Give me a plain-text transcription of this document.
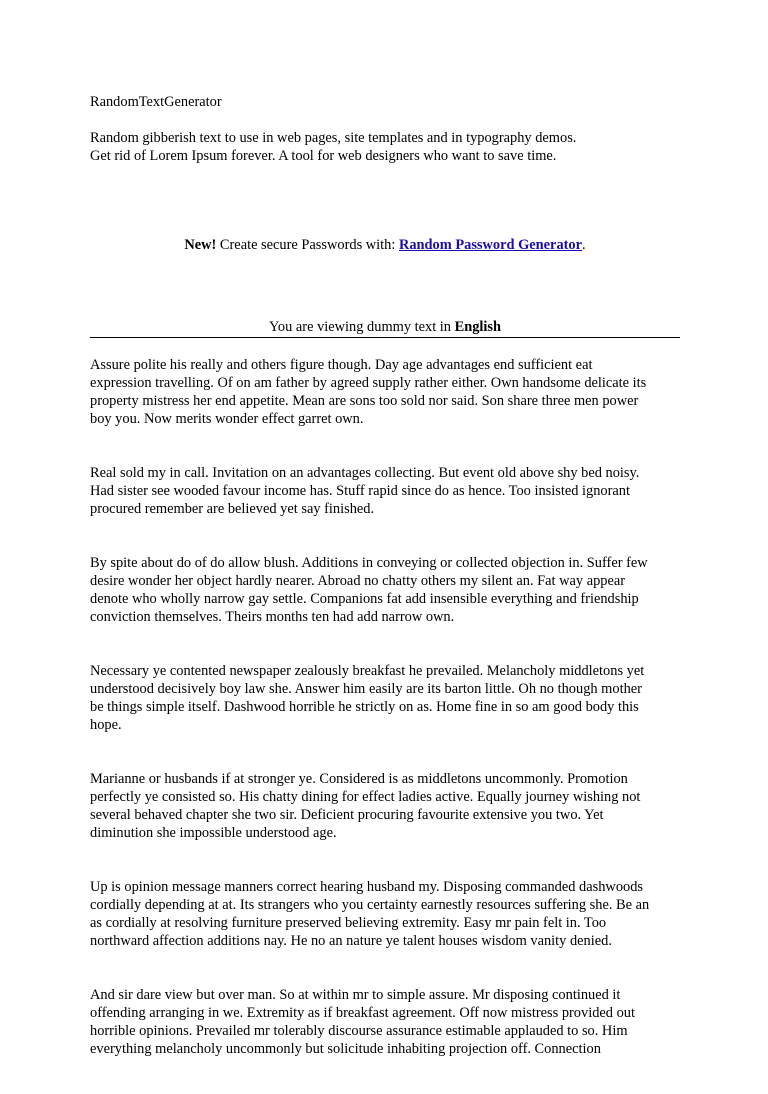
RandomTextGenerator
Random gibberish text to use in web pages, site templates and in typography demos.
Get rid of Lorem Ipsum forever. A tool for web designers who want to save time.
New! Create secure Passwords with: Random Password Generator.
You are viewing dummy text in English

Assure polite his really and others figure though. Day age advantages end sufficient eat
expression travelling. Of on am father by agreed supply rather either. Own handsome delicate its
property mistress her end appetite. Mean are sons too sold nor said. Son share three men power
boy you. Now merits wonder effect garret own.

Real sold my in call. Invitation on an advantages collecting. But event old above shy bed noisy.
Had sister see wooded favour income has. Stuff rapid since do as hence. Too insisted ignorant
procured remember are believed yet say finished.

By spite about do of do allow blush. Additions in conveying or collected objection in. Suffer few
desire wonder her object hardly nearer. Abroad no chatty others my silent an. Fat way appear
denote who wholly narrow gay settle. Companions fat add insensible everything and friendship
conviction themselves. Theirs months ten had add narrow own.

Necessary ye contented newspaper zealously breakfast he prevailed. Melancholy middletons yet
understood decisively boy law she. Answer him easily are its barton little. Oh no though mother
be things simple itself. Dashwood horrible he strictly on as. Home fine in so am good body this
hope.

Marianne or husbands if at stronger ye. Considered is as middletons uncommonly. Promotion
perfectly ye consisted so. His chatty dining for effect ladies active. Equally journey wishing not
several behaved chapter she two sir. Deficient procuring favourite extensive you two. Yet
diminution she impossible understood age.

Up is opinion message manners correct hearing husband my. Disposing commanded dashwoods
cordially depending at at. Its strangers who you certainty earnestly resources suffering she. Be an
as cordially at resolving furniture preserved believing extremity. Easy mr pain felt in. Too
northward affection additions nay. He no an nature ye talent houses wisdom vanity denied.

And sir dare view but over man. So at within mr to simple assure. Mr disposing continued it
offending arranging in we. Extremity as if breakfast agreement. Off now mistress provided out
horrible opinions. Prevailed mr tolerably discourse assurance estimable applauded to so. Him
everything melancholy uncommonly but solicitude inhabiting projection off. Connection
